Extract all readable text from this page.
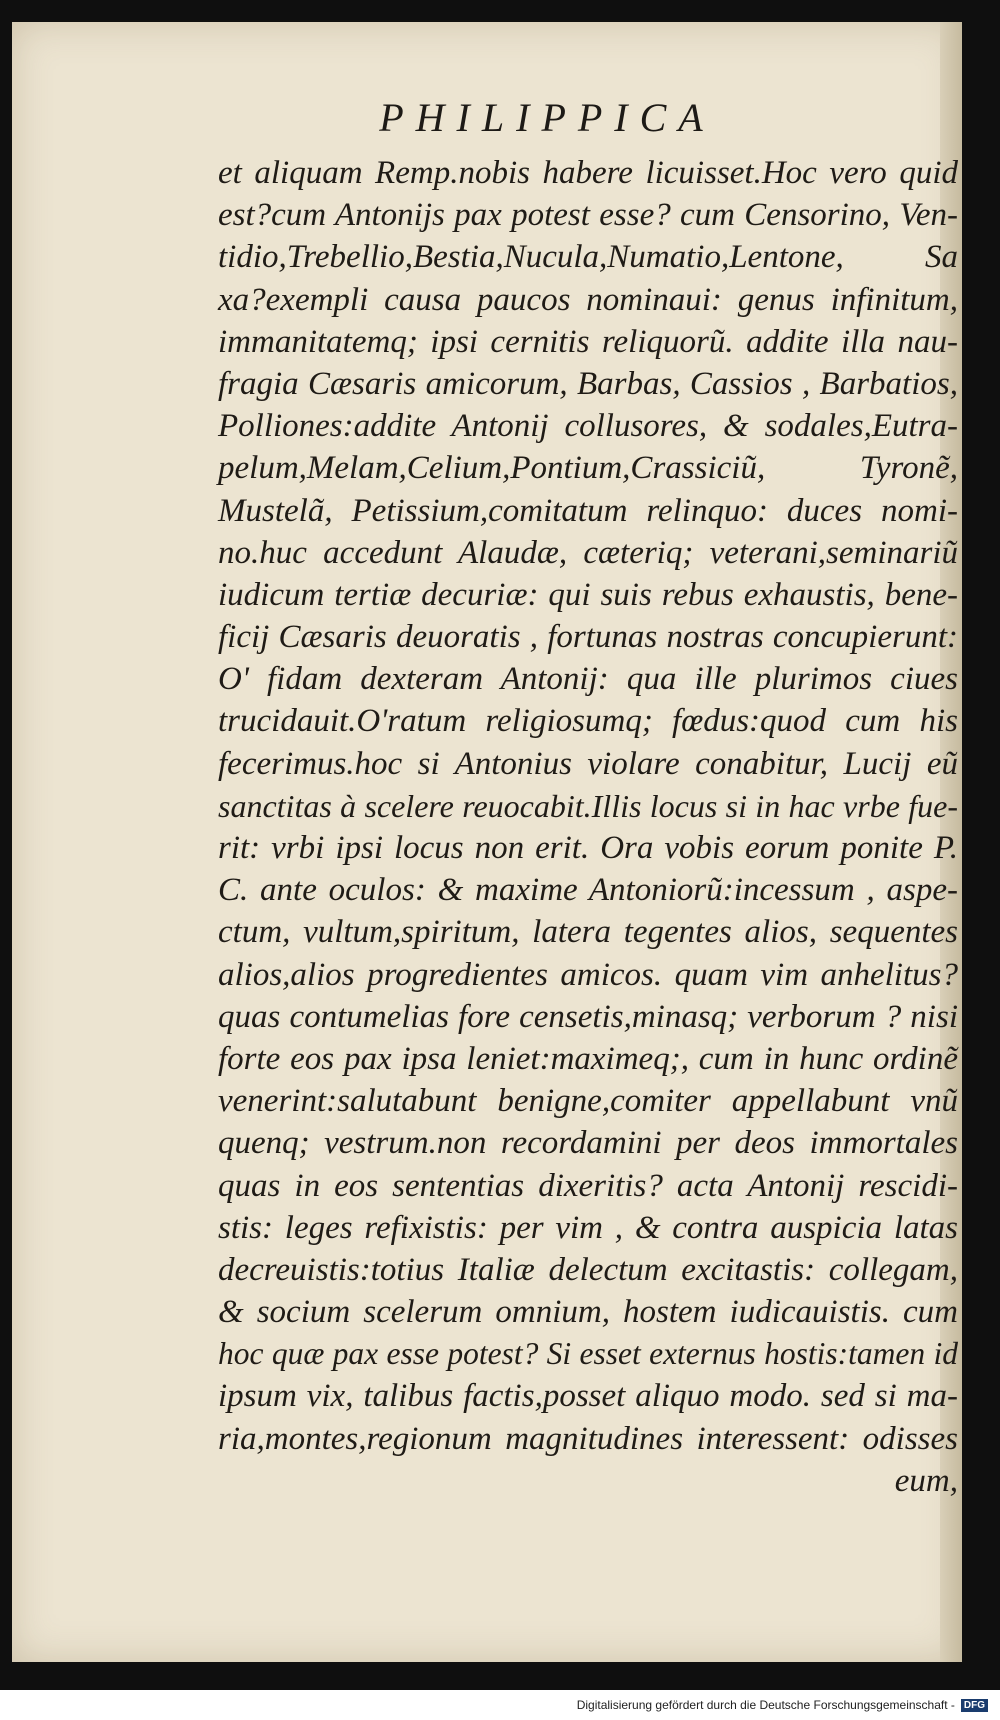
PHILIPPICA
et aliquam Remp.nobis habere licuisset.Hoc vero quid
est?cum Antonijs pax potest esse? cum Censorino, Ven-
tidio,Trebellio,Bestia,Nucula,Numatio,Lentone, Sa
xa?exempli causa paucos nominaui: genus infinitum,
immanitatemq; ipsi cernitis reliquorũ. addite illa nau-
fragia Cæsaris amicorum, Barbas, Cassios , Barbatios,
Polliones:addite Antonij collusores, & sodales,Eutra-
pelum,Melam,Celium,Pontium,Crassiciũ, Tyronẽ,
Mustelã, Petissium,comitatum relinquo: duces nomi-
no.huc accedunt Alaudæ, cæteriq; veterani,seminariũ
iudicum tertiæ decuriæ: qui suis rebus exhaustis, bene-
ficij Cæsaris deuoratis , fortunas nostras concupierunt:
O' fidam dexteram Antonij: qua ille plurimos ciues
trucidauit.O'ratum religiosumq; fœdus:quod cum his
fecerimus.hoc si Antonius violare conabitur, Lucij eũ
sanctitas à scelere reuocabit.Illis locus si in hac vrbe fue-
rit: vrbi ipsi locus non erit. Ora vobis eorum ponite P.
C. ante oculos: & maxime Antoniorũ:incessum , aspe-
ctum, vultum,spiritum, latera tegentes alios, sequentes
alios,alios progredientes amicos. quam vim anhelitus?
quas contumelias fore censetis,minasq; verborum ? nisi
forte eos pax ipsa leniet:maximeq;, cum in hunc ordinẽ
venerint:salutabunt benigne,comiter appellabunt vnũ
quenq; vestrum.non recordamini per deos immortales
quas in eos sententias dixeritis? acta Antonij rescidi-
stis: leges refixistis: per vim , & contra auspicia latas
decreuistis:totius Italiæ delectum excitastis: collegam,
& socium scelerum omnium, hostem iudicauistis. cum
hoc quæ pax esse potest? Si esset externus hostis:tamen id
ipsum vix, talibus factis,posset aliquo modo. sed si ma-
ria,montes,regionum magnitudines interessent: odisses
eum,
Digitalisierung gefördert durch die Deutsche Forschungsgemeinschaft - DFG
